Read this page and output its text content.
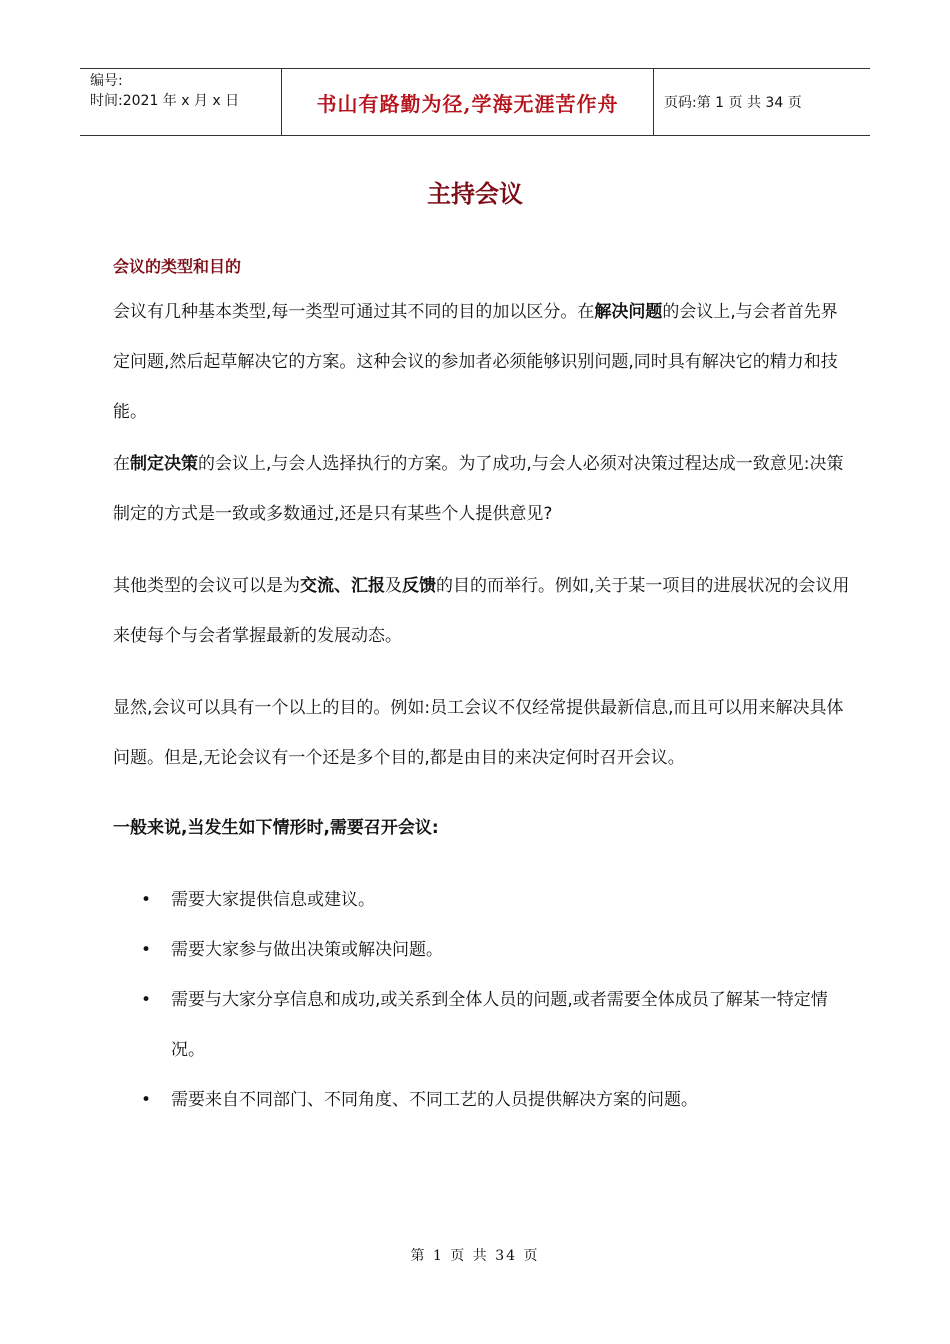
编号:
时间:2021 年 x 月 x 日	书山有路勤为径,学海无涯苦作舟	页码:第 1 页 共 34 页
主持会议
会议的类型和目的

会议有几种基本类型,每一类型可通过其不同的目的加以区分。在解决问题的会议上,与会者首先界定问题,然后起草解决它的方案。这种会议的参加者必须能够识别问题,同时具有解决它的精力和技能。

在制定决策的会议上,与会人选择执行的方案。为了成功,与会人必须对决策过程达成一致意见:决策制定的方式是一致或多数通过,还是只有某些个人提供意见?

其他类型的会议可以是为交流、汇报及反馈的目的而举行。例如,关于某一项目的进展状况的会议用来使每个与会者掌握最新的发展动态。

显然,会议可以具有一个以上的目的。例如:员工会议不仅经常提供最新信息,而且可以用来解决具体问题。但是,无论会议有一个还是多个目的,都是由目的来决定何时召开会议。

一般来说,当发生如下情形时,需要召开会议:
• 需要大家提供信息或建议。
• 需要大家参与做出决策或解决问题。
• 需要与大家分享信息和成功,或关系到全体人员的问题,或者需要全体成员了解某一特定情况。
• 需要来自不同部门、不同角度、不同工艺的人员提供解决方案的问题。
第 1 页 共 34 页
